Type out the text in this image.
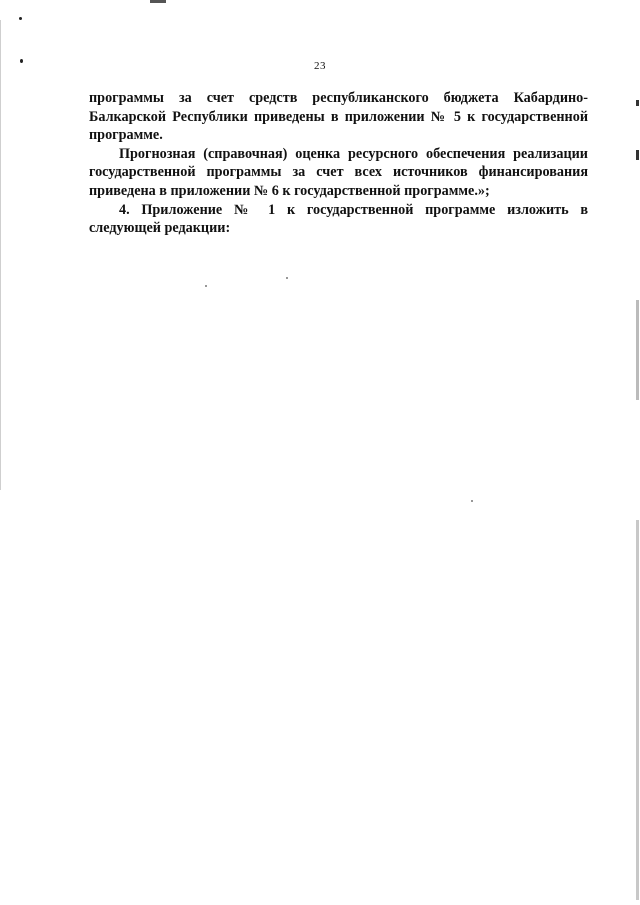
23

программы за счет средств республиканского бюджета Кабардино-
Балкарской Республики приведены в приложении № 5 к государственной
программе.

Прогнозная (справочная) оценка ресурсного обеспечения реализации
государственной программы за счет всех источников финансирования
приведена в приложении № 6 к государственной программе.»;

4. Приложение № 1 к государственной программе изложить в
следующей редакции:
